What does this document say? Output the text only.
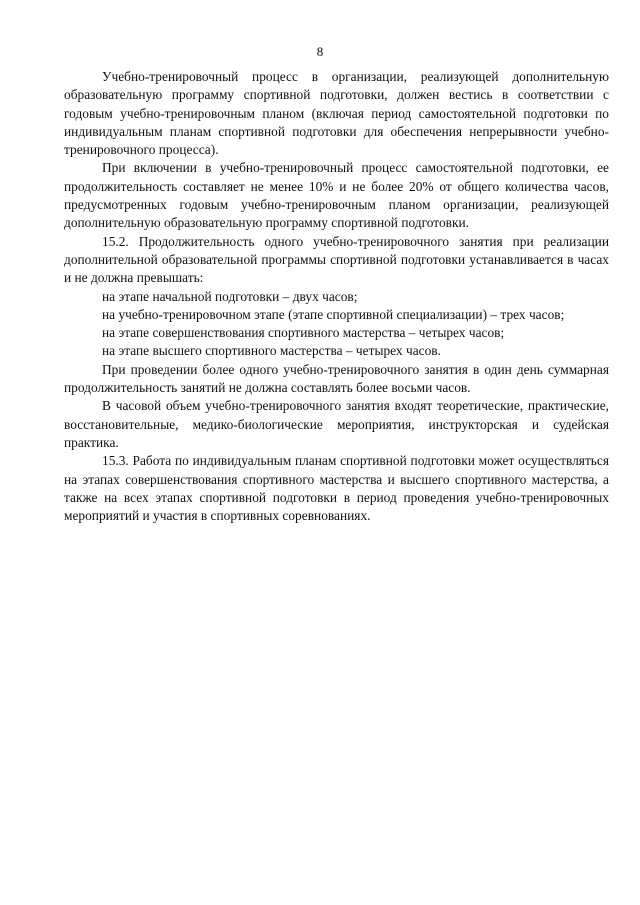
8

Учебно-тренировочный процесс в организации, реализующей дополнительную образовательную программу спортивной подготовки, должен вестись в соответствии с годовым учебно-тренировочным планом (включая период самостоятельной подготовки по индивидуальным планам спортивной подготовки для обеспечения непрерывности учебно-тренировочного процесса).

При включении в учебно-тренировочный процесс самостоятельной подготовки, ее продолжительность составляет не менее 10% и не более 20% от общего количества часов, предусмотренных годовым учебно-тренировочным планом организации, реализующей дополнительную образовательную программу спортивной подготовки.

15.2. Продолжительность одного учебно-тренировочного занятия при реализации дополнительной образовательной программы спортивной подготовки устанавливается в часах и не должна превышать:

на этапе начальной подготовки – двух часов;

на учебно-тренировочном этапе (этапе спортивной специализации) – трех часов;

на этапе совершенствования спортивного мастерства – четырех часов;

на этапе высшего спортивного мастерства – четырех часов.

При проведении более одного учебно-тренировочного занятия в один день суммарная продолжительность занятий не должна составлять более восьми часов.

В часовой объем учебно-тренировочного занятия входят теоретические, практические, восстановительные, медико-биологические мероприятия, инструкторская и судейская практика.

15.3. Работа по индивидуальным планам спортивной подготовки может осуществляться на этапах совершенствования спортивного мастерства и высшего спортивного мастерства, а также на всех этапах спортивной подготовки в период проведения учебно-тренировочных мероприятий и участия в спортивных соревнованиях.
